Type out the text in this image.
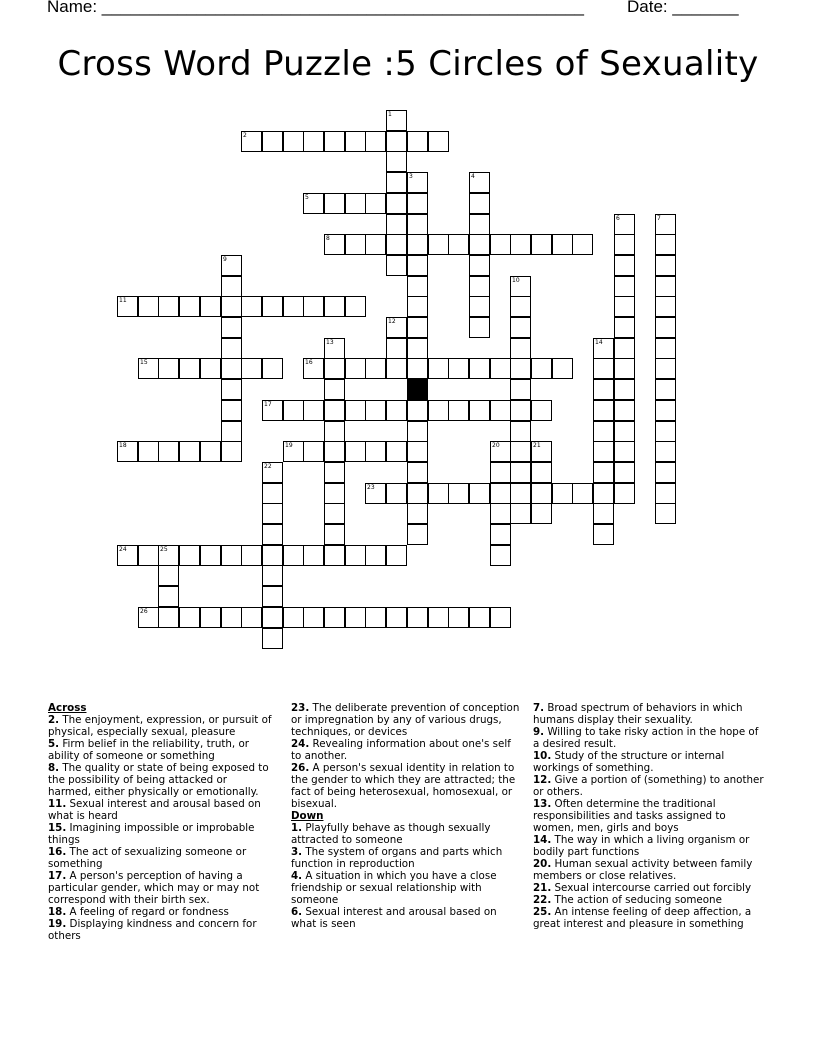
Name: ___________________________________________________	Date: _______
Cross Word Puzzle :5 Circles of Sexuality
1
2
3	4
5
6	7
8
9
10
11
12
13	14
15	16
17
18	19	20	21
22
23
24	25
26
Across
2. The enjoyment, expression, or pursuit of physical, especially sexual, pleasure
5. Firm belief in the reliability, truth, or ability of someone or something
8. The quality or state of being exposed to the possibility of being attacked or harmed, either physically or emotionally.
11. Sexual interest and arousal based on what is heard
15. Imagining impossible or improbable things
16. The act of sexualizing someone or something
17. A person's perception of having a particular gender, which may or may not correspond with their birth sex.
18. A feeling of regard or fondness
19. Displaying kindness and concern for others
23. The deliberate prevention of conception or impregnation by any of various drugs, techniques, or devices
24. Revealing information about one's self to another.
26. A person's sexual identity in relation to the gender to which they are attracted; the fact of being heterosexual, homosexual, or bisexual.
Down
1. Playfully behave as though sexually attracted to someone
3. The system of organs and parts which function in reproduction
4. A situation in which you have a close friendship or sexual relationship with someone
6. Sexual interest and arousal based on what is seen
7. Broad spectrum of behaviors in which humans display their sexuality.
9. Willing to take risky action in the hope of a desired result.
10. Study of the structure or internal workings of something.
12. Give a portion of (something) to another or others.
13. Often determine the traditional responsibilities and tasks assigned to women, men, girls and boys
14. The way in which a living organism or bodily part functions
20. Human sexual activity between family members or close relatives.
21. Sexual intercourse carried out forcibly
22. The action of seducing someone
25. An intense feeling of deep affection, a great interest and pleasure in something
